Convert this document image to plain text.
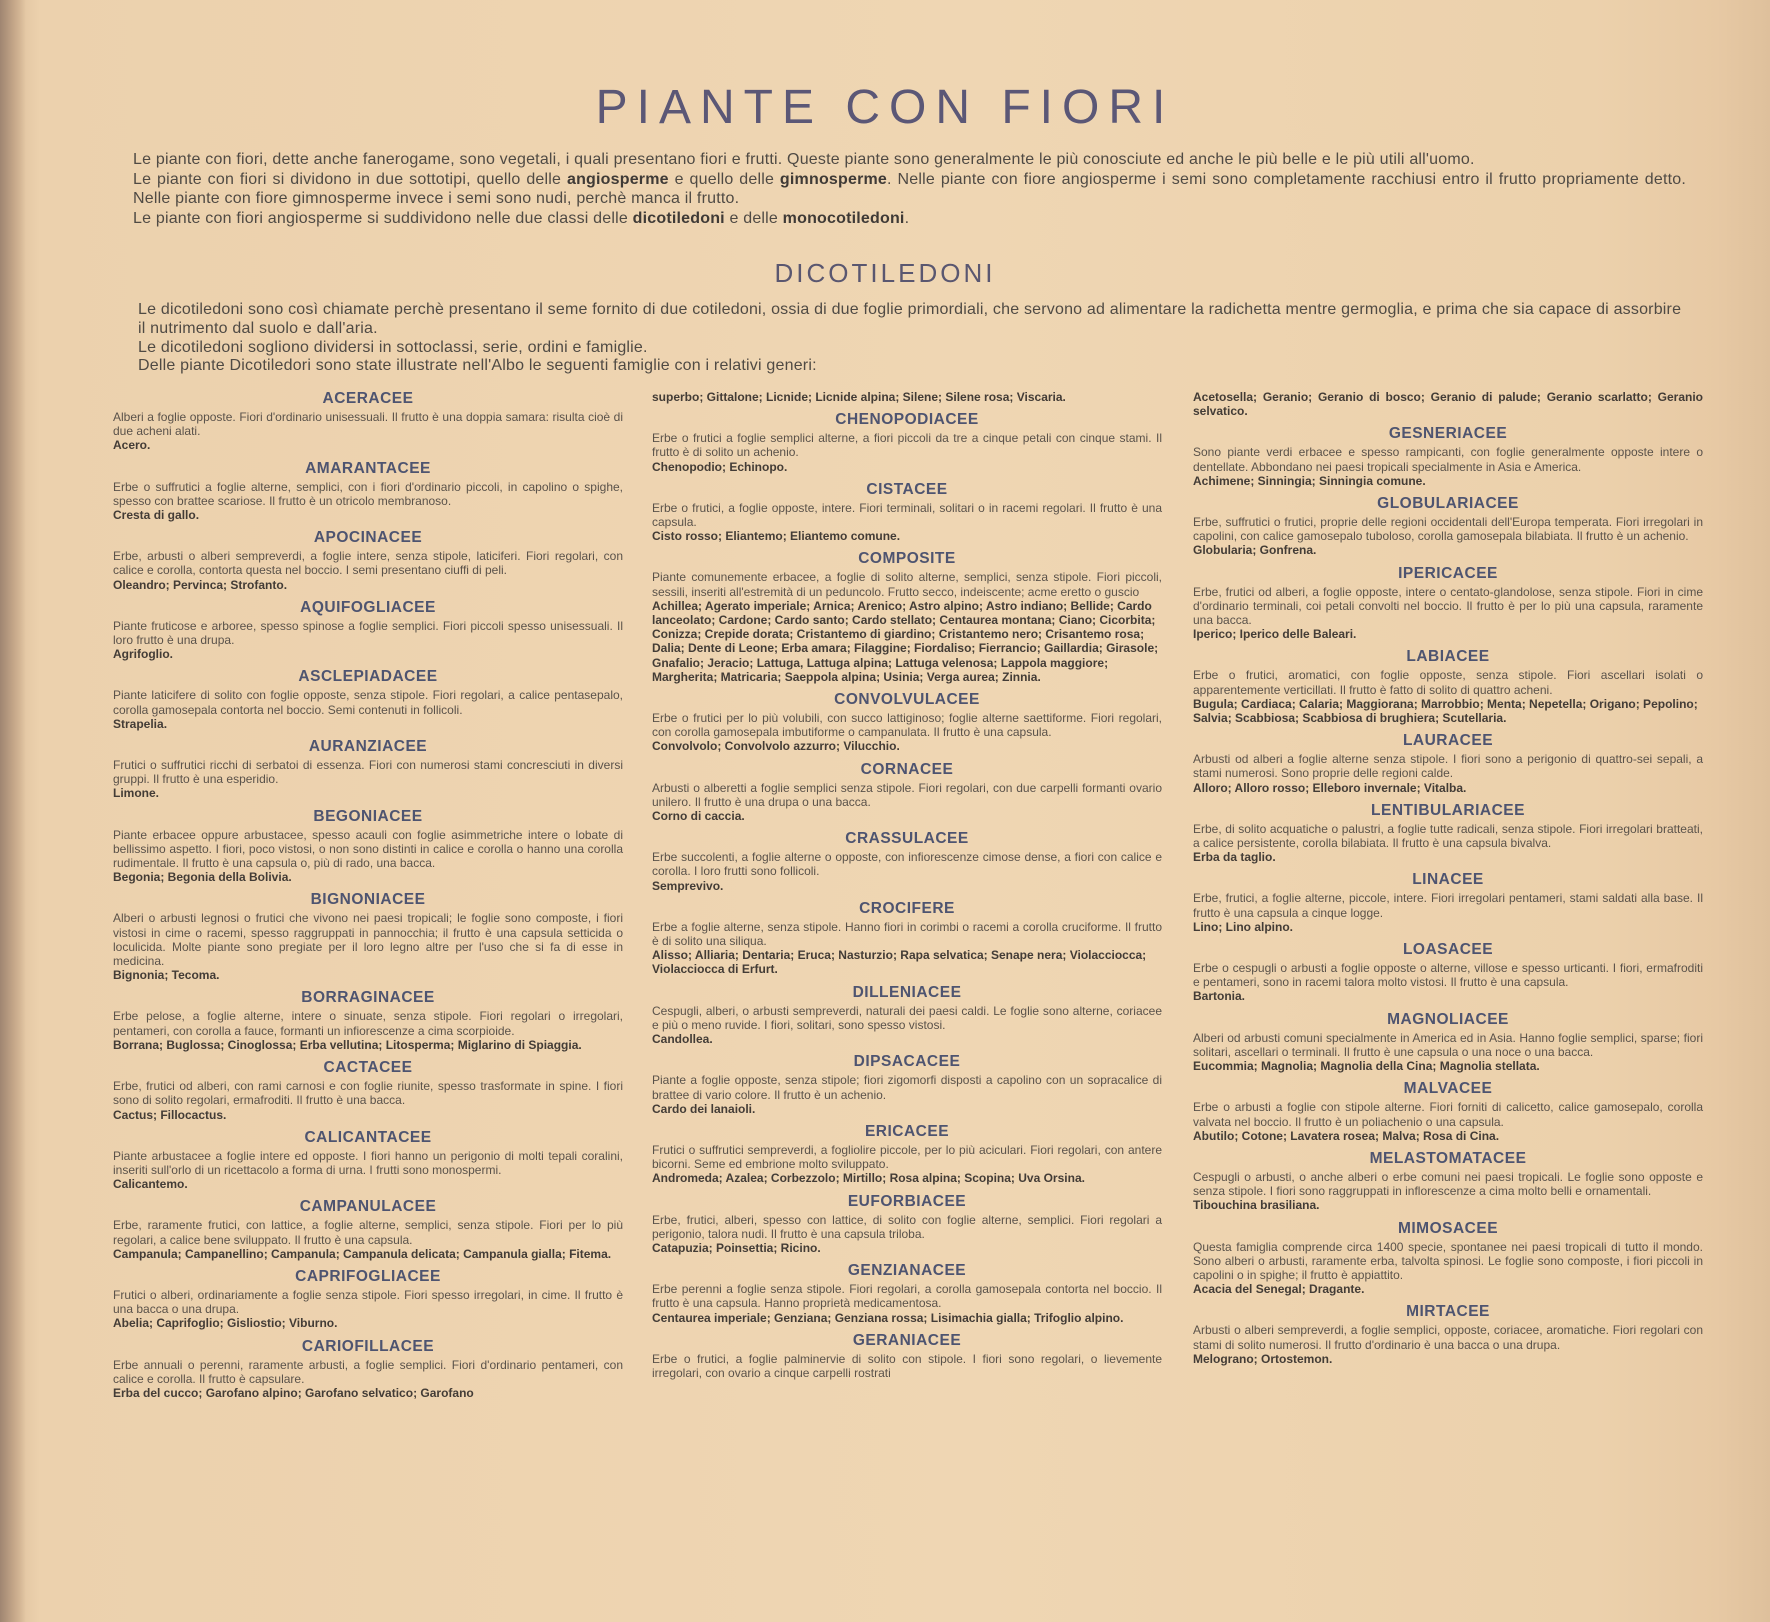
PIANTE CON FIORI

Le piante con fiori, dette anche fanerogame, sono vegetali, i quali presentano fiori e frutti. Queste piante sono generalmente le più conosciute ed anche le più belle e le più utili all'uomo.

Le piante con fiori si dividono in due sottotipi, quello delle angiosperme e quello delle gimnosperme. Nelle piante con fiore angiosperme i semi sono completamente racchiusi entro il frutto propriamente detto. Nelle piante con fiore gimnosperme invece i semi sono nudi, perchè manca il frutto.

Le piante con fiori angiosperme si suddividono nelle due classi delle dicotiledoni e delle monocotiledoni.

DICOTILEDONI

Le dicotiledoni sono così chiamate perchè presentano il seme fornito di due cotiledoni, ossia di due foglie primordiali, che servono ad alimentare la radichetta mentre germoglia, e prima che sia capace di assorbire il nutrimento dal suolo e dall'aria.

Le dicotiledoni sogliono dividersi in sottoclassi, serie, ordini e famiglie.

Delle piante Dicotiledori sono state illustrate nell'Albo le seguenti famiglie con i relativi generi:

ACERACEE

Alberi a foglie opposte. Fiori d'ordinario unisessuali. Il frutto è una doppia samara: risulta cioè di due acheni alati.

Acero.

AMARANTACEE

Erbe o suffrutici a foglie alterne, semplici, con i fiori d'ordinario piccoli, in capolino o spighe, spesso con brattee scariose. Il frutto è un otricolo membranoso.

Cresta di gallo.

APOCINACEE

Erbe, arbusti o alberi sempreverdi, a foglie intere, senza stipole, laticiferi. Fiori regolari, con calice e corolla, contorta questa nel boccio. I semi presentano ciuffi di peli.

Oleandro; Pervinca; Strofanto.

AQUIFOGLIACEE

Piante fruticose e arboree, spesso spinose a foglie semplici. Fiori piccoli spesso unisessuali. Il loro frutto è una drupa.

Agrifoglio.

ASCLEPIADACEE

Piante laticifere di solito con foglie opposte, senza stipole. Fiori regolari, a calice pentasepalo, corolla gamosepala contorta nel boccio. Semi contenuti in follicoli.

Strapelia.

AURANZIACEE

Frutici o suffrutici ricchi di serbatoi di essenza. Fiori con numerosi stami concresciuti in diversi gruppi. Il frutto è una esperidio.

Limone.

BEGONIACEE

Piante erbacee oppure arbustacee, spesso acauli con foglie asimmetriche intere o lobate di bellissimo aspetto. I fiori, poco vistosi, o non sono distinti in calice e corolla o hanno una corolla rudimentale. Il frutto è una capsula o, più di rado, una bacca.

Begonia; Begonia della Bolivia.

BIGNONIACEE

Alberi o arbusti legnosi o frutici che vivono nei paesi tropicali; le foglie sono composte, i fiori vistosi in cime o racemi, spesso raggruppati in pannocchia; il frutto è una capsula setticida o loculicida. Molte piante sono pregiate per il loro legno altre per l'uso che si fa di esse in medicina.

Bignonia; Tecoma.

BORRAGINACEE

Erbe pelose, a foglie alterne, intere o sinuate, senza stipole. Fiori regolari o irregolari, pentameri, con corolla a fauce, formanti un infiorescenze a cima scorpioide.

Borrana; Buglossa; Cinoglossa; Erba vellutina; Litosperma; Miglarino di Spiaggia.

CACTACEE

Erbe, frutici od alberi, con rami carnosi e con foglie riunite, spesso trasformate in spine. I fiori sono di solito regolari, ermafroditi. Il frutto è una bacca.

Cactus; Fillocactus.

CALICANTACEE

Piante arbustacee a foglie intere ed opposte. I fiori hanno un perigonio di molti tepali coralini, inseriti sull'orlo di un ricettacolo a forma di urna. I frutti sono monospermi.

Calicantemo.

CAMPANULACEE

Erbe, raramente frutici, con lattice, a foglie alterne, semplici, senza stipole. Fiori per lo più regolari, a calice bene sviluppato. Il frutto è una capsula.

Campanula; Campanellino; Campanula; Campanula delicata; Campanula gialla; Fitema.

CAPRIFOGLIACEE

Frutici o alberi, ordinariamente a foglie senza stipole. Fiori spesso irregolari, in cime. Il frutto è una bacca o una drupa.

Abelia; Caprifoglio; Gisliostio; Viburno.

CARIOFILLACEE

Erbe annuali o perenni, raramente arbusti, a foglie semplici. Fiori d'ordinario pentameri, con calice e corolla. Il frutto è capsulare.

Erba del cucco; Garofano alpino; Garofano selvatico; Garofano

superbo; Gittalone; Licnide; Licnide alpina; Silene; Silene rosa; Viscaria.

CHENOPODIACEE

Erbe o frutici a foglie semplici alterne, a fiori piccoli da tre a cinque petali con cinque stami. Il frutto è di solito un achenio.

Chenopodio; Echinopo.

CISTACEE

Erbe o frutici, a foglie opposte, intere. Fiori terminali, solitari o in racemi regolari. Il frutto è una capsula.

Cisto rosso; Eliantemo; Eliantemo comune.

COMPOSITE

Piante comunemente erbacee, a foglie di solito alterne, semplici, senza stipole. Fiori piccoli, sessili, inseriti all'estremità di un peduncolo. Frutto secco, indeiscente; acme eretto o guscio

Achillea; Agerato imperiale; Arnica; Arenico; Astro alpino; Astro indiano; Bellide; Cardo lanceolato; Cardone; Cardo santo; Cardo stellato; Centaurea montana; Ciano; Cicorbita; Conizza; Crepide dorata; Cristantemo di giardino; Cristantemo nero; Crisantemo rosa; Dalia; Dente di Leone; Erba amara; Filaggine; Fiordaliso; Fierrancio; Gaillardia; Girasole; Gnafalio; Jeracio; Lattuga, Lattuga alpina; Lattuga velenosa; Lappola maggiore; Margherita; Matricaria; Saeppola alpina; Usinia; Verga aurea; Zinnia.

CONVOLVULACEE

Erbe o frutici per lo più volubili, con succo lattiginoso; foglie alterne saettiforme. Fiori regolari, con corolla gamosepala imbutiforme o campanulata. Il frutto è una capsula.

Convolvolo; Convolvolo azzurro; Vilucchio.

CORNACEE

Arbusti o alberetti a foglie semplici senza stipole. Fiori regolari, con due carpelli formanti ovario unilero. Il frutto è una drupa o una bacca.

Corno di caccia.

CRASSULACEE

Erbe succolenti, a foglie alterne o opposte, con infiorescenze cimose dense, a fiori con calice e corolla. I loro frutti sono follicoli.

Semprevivo.

CROCIFERE

Erbe a foglie alterne, senza stipole. Hanno fiori in corimbi o racemi a corolla cruciforme. Il frutto è di solito una siliqua.

Alisso; Alliaria; Dentaria; Eruca; Nasturzio; Rapa selvatica; Senape nera; Violacciocca; Violacciocca di Erfurt.

DILLENIACEE

Cespugli, alberi, o arbusti sempreverdi, naturali dei paesi caldi. Le foglie sono alterne, coriacee e più o meno ruvide. I fiori, solitari, sono spesso vistosi.

Candollea.

DIPSACACEE

Piante a foglie opposte, senza stipole; fiori zigomorfi disposti a capolino con un sopracalice di brattee di vario colore. Il frutto è un achenio.

Cardo dei lanaioli.

ERICACEE

Frutici o suffrutici sempreverdi, a fogliolire piccole, per lo più aciculari. Fiori regolari, con antere bicorni. Seme ed embrione molto sviluppato.

Andromeda; Azalea; Corbezzolo; Mirtillo; Rosa alpina; Scopina; Uva Orsina.

EUFORBIACEE

Erbe, frutici, alberi, spesso con lattice, di solito con foglie alterne, semplici. Fiori regolari a perigonio, talora nudi. Il frutto è una capsula triloba.

Catapuzia; Poinsettia; Ricino.

GENZIANACEE

Erbe perenni a foglie senza stipole. Fiori regolari, a corolla gamosepala contorta nel boccio. Il frutto è una capsula. Hanno proprietà medicamentosa.

Centaurea imperiale; Genziana; Genziana rossa; Lisimachia gialla; Trifoglio alpino.

GERANIACEE

Erbe o frutici, a foglie palminervie di solito con stipole. I fiori sono regolari, o lievemente irregolari, con ovario a cinque carpelli rostrati

Acetosella; Geranio; Geranio di bosco; Geranio di palude; Geranio scarlatto; Geranio selvatico.

GESNERIACEE

Sono piante verdi erbacee e spesso rampicanti, con foglie generalmente opposte intere o dentellate. Abbondano nei paesi tropicali specialmente in Asia e America.

Achimene; Sinningia; Sinningia comune.

GLOBULARIACEE

Erbe, suffrutici o frutici, proprie delle regioni occidentali dell'Europa temperata. Fiori irregolari in capolini, con calice gamosepalo tuboloso, corolla gamosepala bilabiata. Il frutto è un achenio.

Globularia; Gonfrena.

IPERICACEE

Erbe, frutici od alberi, a foglie opposte, intere o centato-glandolose, senza stipole. Fiori in cime d'ordinario terminali, coi petali convolti nel boccio. Il frutto è per lo più una capsula, raramente una bacca.

Iperico; Iperico delle Baleari.

LABIACEE

Erbe o frutici, aromatici, con foglie opposte, senza stipole. Fiori ascellari isolati o apparentemente verticillati. Il frutto è fatto di solito di quattro acheni.

Bugula; Cardiaca; Calaria; Maggiorana; Marrobbio; Menta; Nepetella; Origano; Pepolino; Salvia; Scabbiosa; Scabbiosa di brughiera; Scutellaria.

LAURACEE

Arbusti od alberi a foglie alterne senza stipole. I fiori sono a perigonio di quattro-sei sepali, a stami numerosi. Sono proprie delle regioni calde.

Alloro; Alloro rosso; Elleboro invernale; Vitalba.

LENTIBULARIACEE

Erbe, di solito acquatiche o palustri, a foglie tutte radicali, senza stipole. Fiori irregolari bratteati, a calice persistente, corolla bilabiata. Il frutto è una capsula bivalva.

Erba da taglio.

LINACEE

Erbe, frutici, a foglie alterne, piccole, intere. Fiori irregolari pentameri, stami saldati alla base. Il frutto è una capsula a cinque logge.

Lino; Lino alpino.

LOASACEE

Erbe o cespugli o arbusti a foglie opposte o alterne, villose e spesso urticanti. I fiori, ermafroditi e pentameri, sono in racemi talora molto vistosi. Il frutto è una capsula.

Bartonia.

MAGNOLIACEE

Alberi od arbusti comuni specialmente in America ed in Asia. Hanno foglie semplici, sparse; fiori solitari, ascellari o terminali. Il frutto è une capsula o una noce o una bacca.

Eucommia; Magnolia; Magnolia della Cina; Magnolia stellata.

MALVACEE

Erbe o arbusti a foglie con stipole alterne. Fiori forniti di calicetto, calice gamosepalo, corolla valvata nel boccio. Il frutto è un poliachenio o una capsula.

Abutilo; Cotone; Lavatera rosea; Malva; Rosa di Cina.

MELASTOMATACEE

Cespugli o arbusti, o anche alberi o erbe comuni nei paesi tropicali. Le foglie sono opposte e senza stipole. I fiori sono raggruppati in inflorescenze a cima molto belli e ornamentali.

Tibouchina brasiliana.

MIMOSACEE

Questa famiglia comprende circa 1400 specie, spontanee nei paesi tropicali di tutto il mondo. Sono alberi o arbusti, raramente erba, talvolta spinosi. Le foglie sono composte, i fiori piccoli in capolini o in spighe; il frutto è appiattito.

Acacia del Senegal; Dragante.

MIRTACEE

Arbusti o alberi sempreverdi, a foglie semplici, opposte, coriacee, aromatiche. Fiori regolari con stami di solito numerosi. Il frutto d'ordinario è una bacca o una drupa.

Melograno; Ortostemon.
